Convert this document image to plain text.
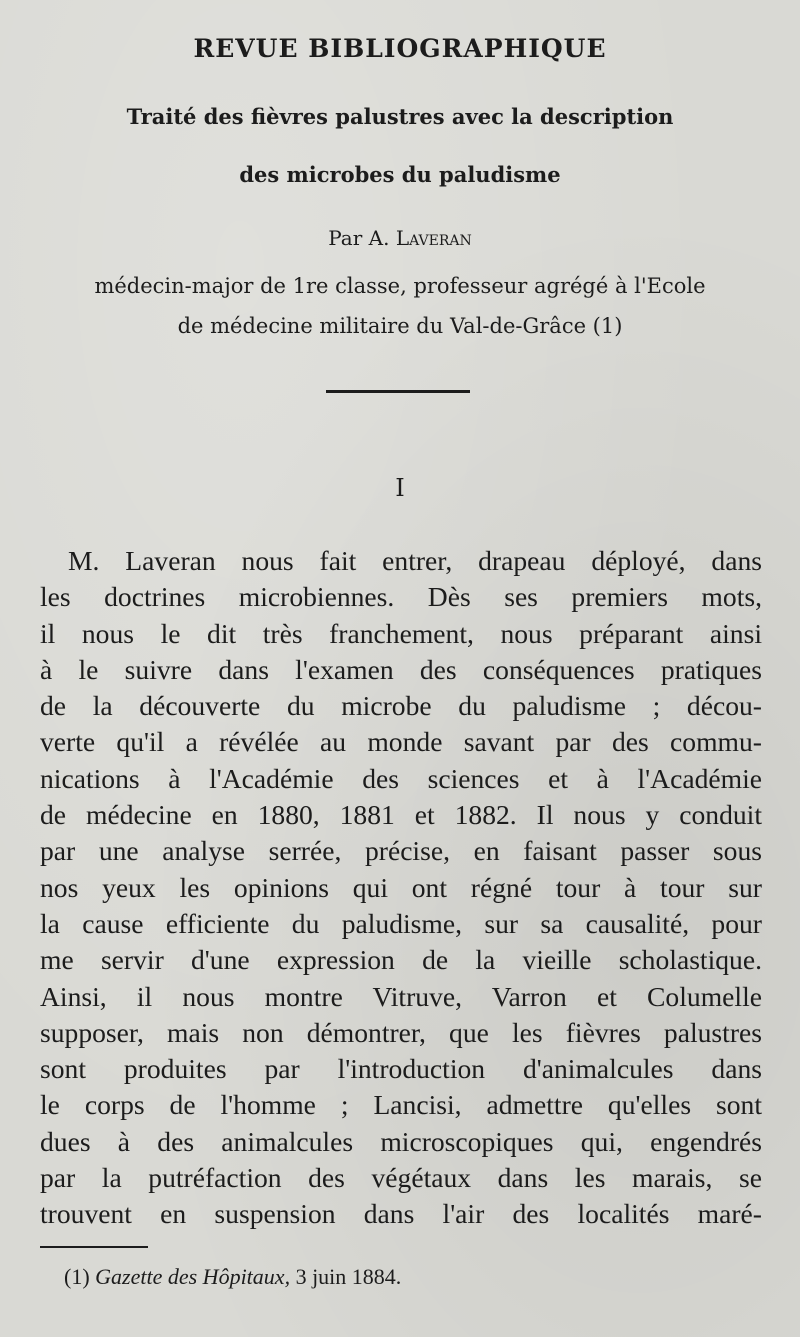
REVUE BIBLIOGRAPHIQUE
Traité des fièvres palustres avec la description
des microbes du paludisme
Par A. Laveran
médecin-major de 1re classe, professeur agrégé à l'Ecole
de médecine militaire du Val-de-Grâce (1)
I
M. Laveran nous fait entrer, drapeau déployé, dans
les doctrines microbiennes. Dès ses premiers mots,
il nous le dit très franchement, nous préparant ainsi
à le suivre dans l'examen des conséquences pratiques
de la découverte du microbe du paludisme ; décou-
verte qu'il a révélée au monde savant par des commu-
nications à l'Académie des sciences et à l'Académie
de médecine en 1880, 1881 et 1882. Il nous y conduit
par une analyse serrée, précise, en faisant passer sous
nos yeux les opinions qui ont régné tour à tour sur
la cause efficiente du paludisme, sur sa causalité, pour
me servir d'une expression de la vieille scholastique.
Ainsi, il nous montre Vitruve, Varron et Columelle
supposer, mais non démontrer, que les fièvres palustres
sont produites par l'introduction d'animalcules dans
le corps de l'homme ; Lancisi, admettre qu'elles sont
dues à des animalcules microscopiques qui, engendrés
par la putréfaction des végétaux dans les marais, se
trouvent en suspension dans l'air des localités maré-
(1) Gazette des Hôpitaux, 3 juin 1884.
